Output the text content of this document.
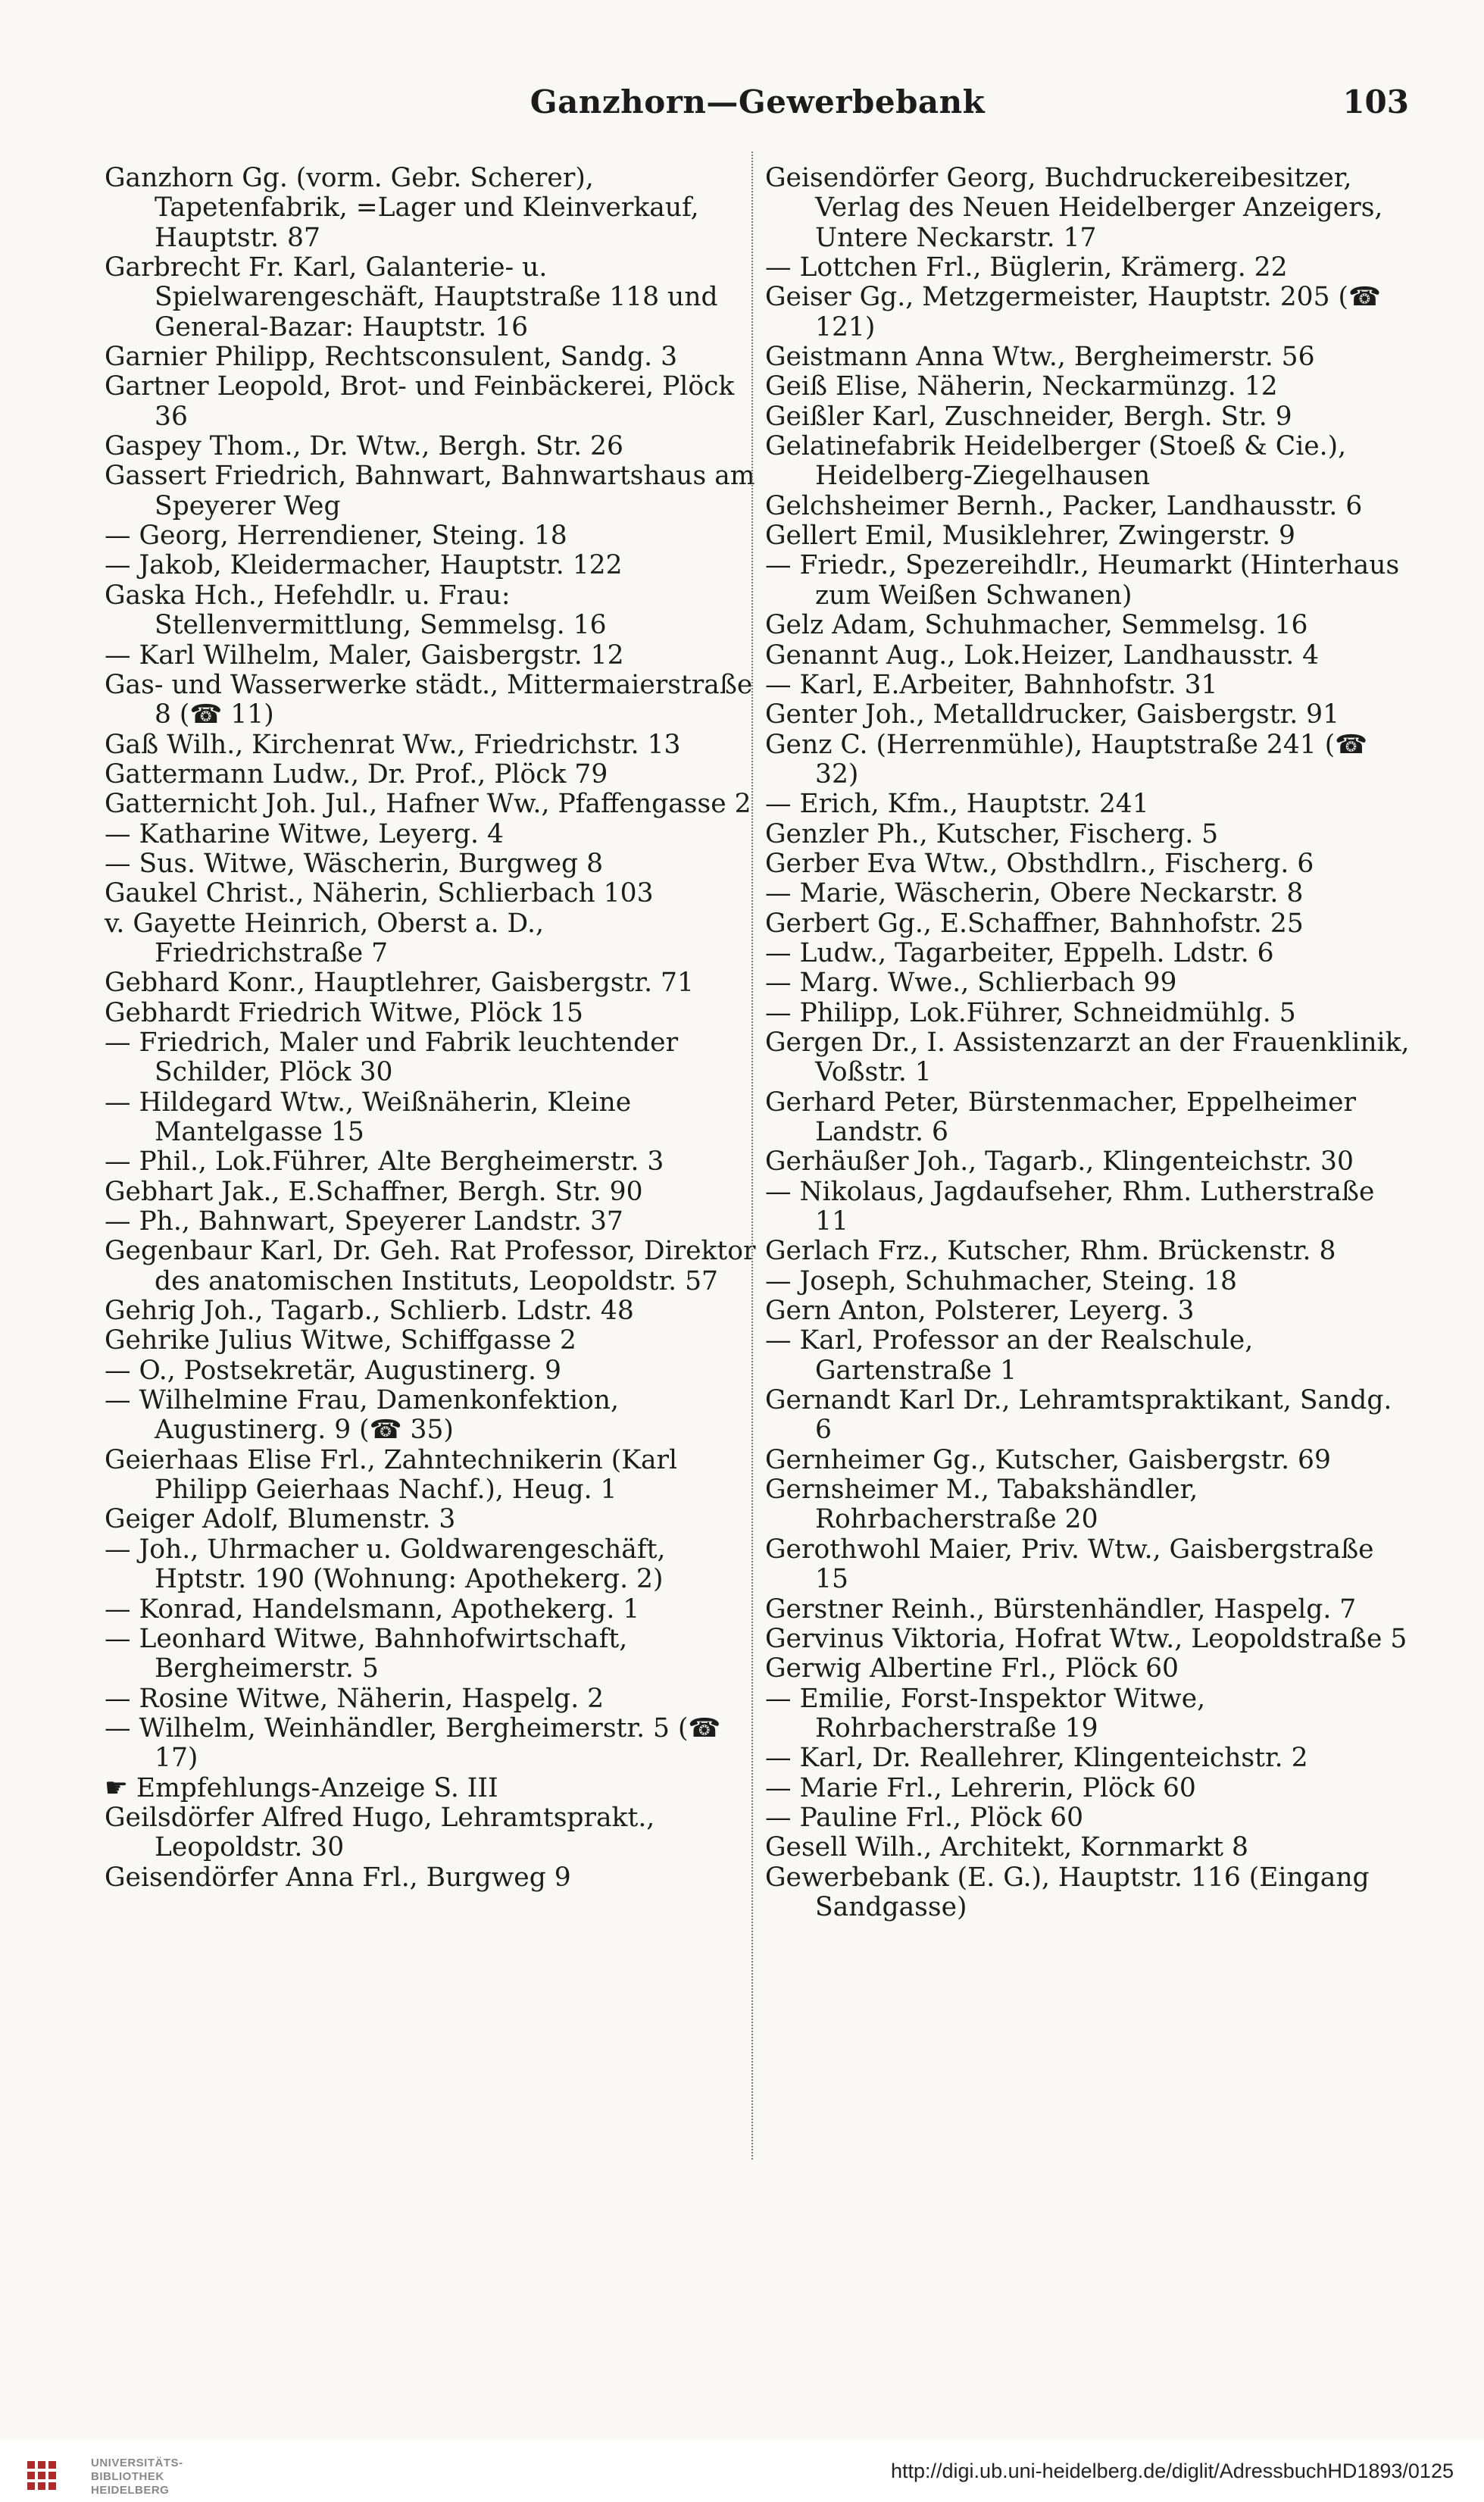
Ganzhorn—Gewerbebank	103
Ganzhorn Gg. (vorm. Gebr. Scherer), Tapetenfabrik, =Lager und Kleinverkauf, Hauptstr. 87
Garbrecht Fr. Karl, Galanterie- u. Spielwarengeschäft, Hauptstraße 118 und General-Bazar: Hauptstr. 16
Garnier Philipp, Rechtsconsulent, Sandg. 3
Gartner Leopold, Brot- und Feinbäckerei, Plöck 36
Gaspey Thom., Dr. Wtw., Bergh. Str. 26
Gassert Friedrich, Bahnwart, Bahnwartshaus am Speyerer Weg
— Georg, Herrendiener, Steing. 18
— Jakob, Kleidermacher, Hauptstr. 122
Gaska Hch., Hefehdlr. u. Frau: Stellenvermittlung, Semmelsg. 16
— Karl Wilhelm, Maler, Gaisbergstr. 12
Gas- und Wasserwerke städt., Mittermaierstraße 8 (☎ 11)
Gaß Wilh., Kirchenrat Ww., Friedrichstr. 13
Gattermann Ludw., Dr. Prof., Plöck 79
Gatternicht Joh. Jul., Hafner Ww., Pfaffengasse 2
— Katharine Witwe, Leyerg. 4
— Sus. Witwe, Wäscherin, Burgweg 8
Gaukel Christ., Näherin, Schlierbach 103
v. Gayette Heinrich, Oberst a. D., Friedrichstraße 7
Gebhard Konr., Hauptlehrer, Gaisbergstr. 71
Gebhardt Friedrich Witwe, Plöck 15
— Friedrich, Maler und Fabrik leuchtender Schilder, Plöck 30
— Hildegard Wtw., Weißnäherin, Kleine Mantelgasse 15
— Phil., Lok.Führer, Alte Bergheimerstr. 3
Gebhart Jak., E.Schaffner, Bergh. Str. 90
— Ph., Bahnwart, Speyerer Landstr. 37
Gegenbaur Karl, Dr. Geh. Rat Professor, Direktor des anatomischen Instituts, Leopoldstr. 57
Gehrig Joh., Tagarb., Schlierb. Ldstr. 48
Gehrike Julius Witwe, Schiffgasse 2
— O., Postsekretär, Augustinerg. 9
— Wilhelmine Frau, Damenkonfektion, Augustinerg. 9 (☎ 35)
Geierhaas Elise Frl., Zahntechnikerin (Karl Philipp Geierhaas Nachf.), Heug. 1
Geiger Adolf, Blumenstr. 3
— Joh., Uhrmacher u. Goldwarengeschäft, Hptstr. 190 (Wohnung: Apothekerg. 2)
— Konrad, Handelsmann, Apothekerg. 1
— Leonhard Witwe, Bahnhofwirtschaft, Bergheimerstr. 5
— Rosine Witwe, Näherin, Haspelg. 2
— Wilhelm, Weinhändler, Bergheimerstr. 5 (☎ 17)
☛ Empfehlungs-Anzeige S. III
Geilsdörfer Alfred Hugo, Lehramtsprakt., Leopoldstr. 30
Geisendörfer Anna Frl., Burgweg 9
Geisendörfer Georg, Buchdruckereibesitzer, Verlag des Neuen Heidelberger Anzeigers, Untere Neckarstr. 17
— Lottchen Frl., Büglerin, Krämerg. 22
Geiser Gg., Metzgermeister, Hauptstr. 205 (☎ 121)
Geistmann Anna Wtw., Bergheimerstr. 56
Geiß Elise, Näherin, Neckarmünzg. 12
Geißler Karl, Zuschneider, Bergh. Str. 9
Gelatinefabrik Heidelberger (Stoeß & Cie.), Heidelberg-Ziegelhausen
Gelchsheimer Bernh., Packer, Landhausstr. 6
Gellert Emil, Musiklehrer, Zwingerstr. 9
— Friedr., Spezereihdlr., Heumarkt (Hinterhaus zum Weißen Schwanen)
Gelz Adam, Schuhmacher, Semmelsg. 16
Genannt Aug., Lok.Heizer, Landhausstr. 4
— Karl, E.Arbeiter, Bahnhofstr. 31
Genter Joh., Metalldrucker, Gaisbergstr. 91
Genz C. (Herrenmühle), Hauptstraße 241 (☎ 32)
— Erich, Kfm., Hauptstr. 241
Genzler Ph., Kutscher, Fischerg. 5
Gerber Eva Wtw., Obsthdlrn., Fischerg. 6
— Marie, Wäscherin, Obere Neckarstr. 8
Gerbert Gg., E.Schaffner, Bahnhofstr. 25
— Ludw., Tagarbeiter, Eppelh. Ldstr. 6
— Marg. Wwe., Schlierbach 99
— Philipp, Lok.Führer, Schneidmühlg. 5
Gergen Dr., I. Assistenzarzt an der Frauenklinik, Voßstr. 1
Gerhard Peter, Bürstenmacher, Eppelheimer Landstr. 6
Gerhäußer Joh., Tagarb., Klingenteichstr. 30
— Nikolaus, Jagdaufseher, Rhm. Lutherstraße 11
Gerlach Frz., Kutscher, Rhm. Brückenstr. 8
— Joseph, Schuhmacher, Steing. 18
Gern Anton, Polsterer, Leyerg. 3
— Karl, Professor an der Realschule, Gartenstraße 1
Gernandt Karl Dr., Lehramtspraktikant, Sandg. 6
Gernheimer Gg., Kutscher, Gaisbergstr. 69
Gernsheimer M., Tabakshändler, Rohrbacherstraße 20
Gerothwohl Maier, Priv. Wtw., Gaisbergstraße 15
Gerstner Reinh., Bürstenhändler, Haspelg. 7
Gervinus Viktoria, Hofrat Wtw., Leopoldstraße 5
Gerwig Albertine Frl., Plöck 60
— Emilie, Forst-Inspektor Witwe, Rohrbacherstraße 19
— Karl, Dr. Reallehrer, Klingenteichstr. 2
— Marie Frl., Lehrerin, Plöck 60
— Pauline Frl., Plöck 60
Gesell Wilh., Architekt, Kornmarkt 8
Gewerbebank (E. G.), Hauptstr. 116 (Eingang Sandgasse)
UNIVERSITÄTS-
BIBLIOTHEK
HEIDELBERG
http://digi.ub.uni-heidelberg.de/diglit/AdressbuchHD1893/0125
